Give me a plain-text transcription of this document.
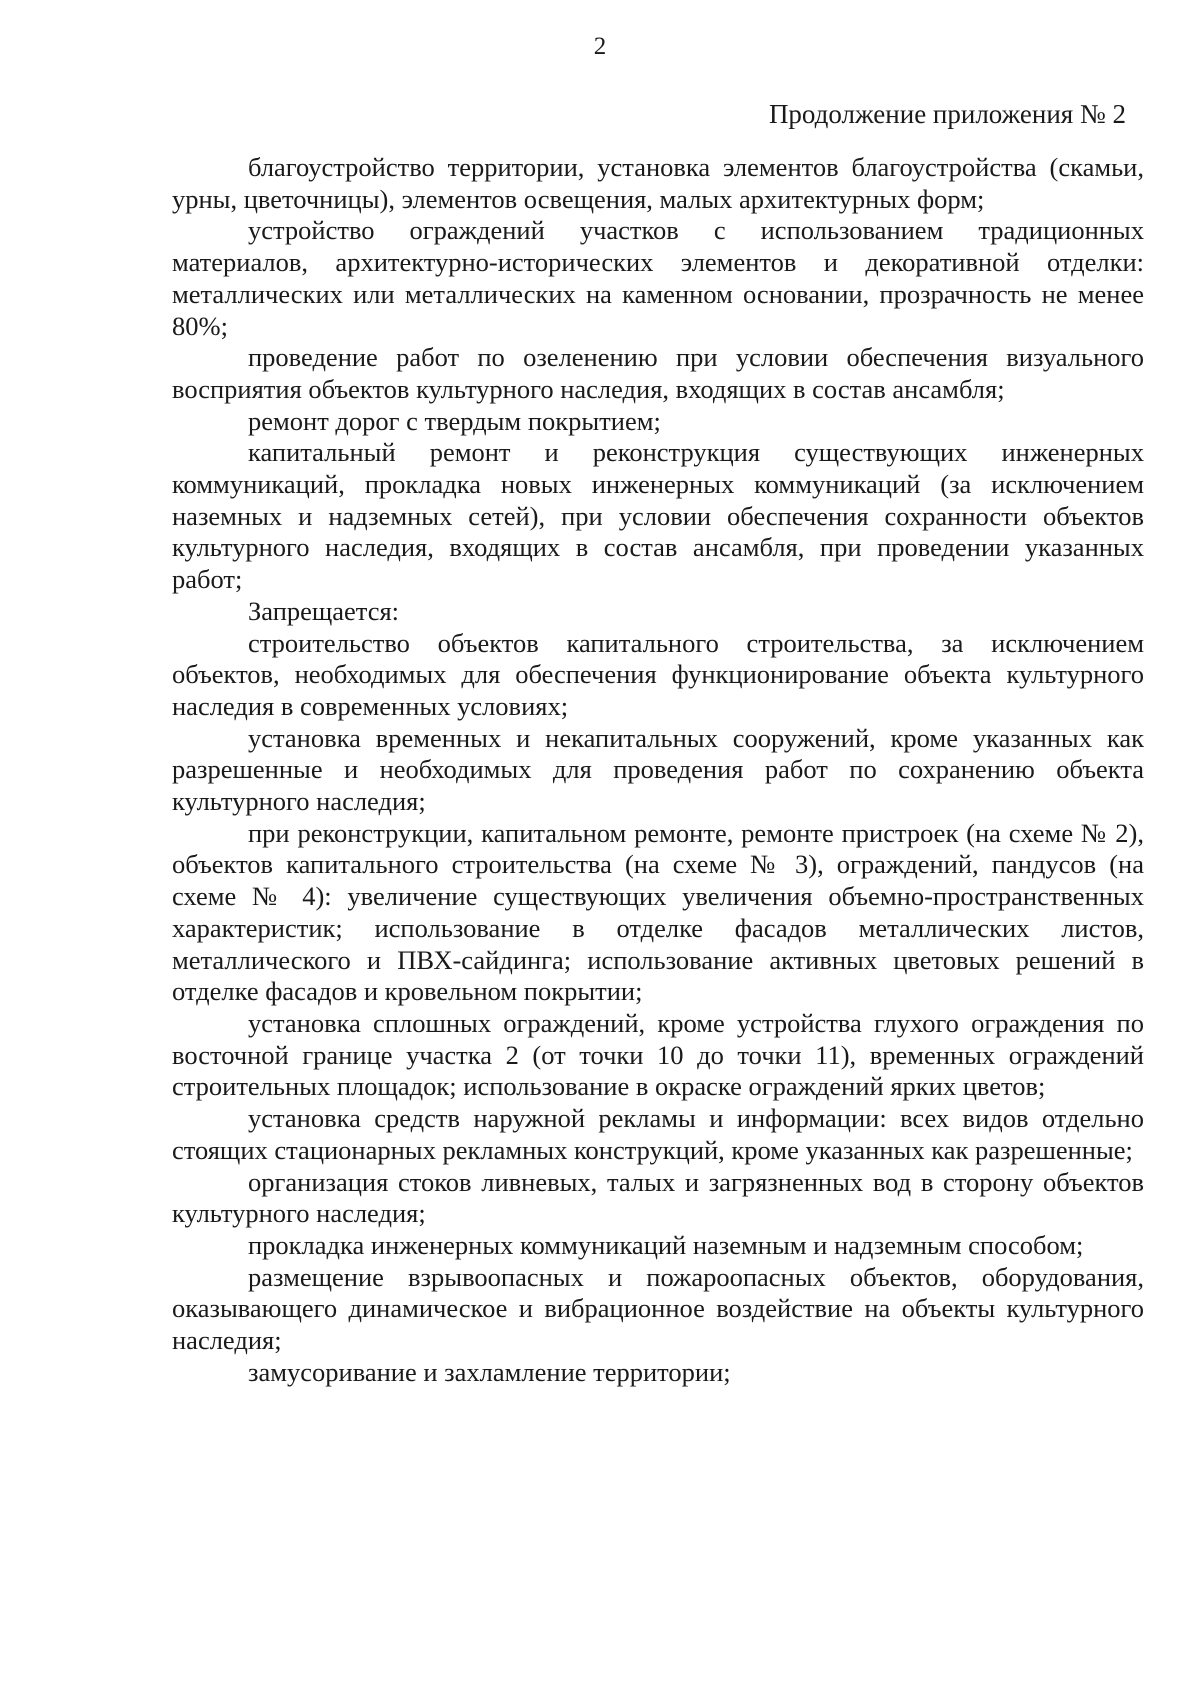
2
Продолжение приложения № 2

благоустройство территории, установка элементов благоустройства (скамьи, урны, цветочницы), элементов освещения, малых архитектурных форм;

устройство ограждений участков с использованием традиционных материалов, архитектурно-исторических элементов и декоративной отделки: металлических или металлических на каменном основании, прозрачность не менее 80%;

проведение работ по озеленению при условии обеспечения визуального восприятия объектов культурного наследия, входящих в состав ансамбля;

ремонт дорог с твердым покрытием;

капитальный ремонт и реконструкция существующих инженерных коммуникаций, прокладка новых инженерных коммуникаций (за исключением наземных и надземных сетей), при условии обеспечения сохранности объектов культурного наследия, входящих в состав ансамбля, при проведении указанных работ;

Запрещается:

строительство объектов капитального строительства, за исключением объектов, необходимых для обеспечения функционирование объекта культурного наследия в современных условиях;

установка временных и некапитальных сооружений, кроме указанных как разрешенные и необходимых для проведения работ по сохранению объекта культурного наследия;

при реконструкции, капитальном ремонте, ремонте пристроек (на схеме № 2), объектов капитального строительства (на схеме № 3), ограждений, пандусов (на схеме № 4): увеличение существующих увеличения объемно-пространственных характеристик; использование в отделке фасадов металлических листов, металлического и ПВХ-сайдинга; использование активных цветовых решений в отделке фасадов и кровельном покрытии;

установка сплошных ограждений, кроме устройства глухого ограждения по восточной границе участка 2 (от точки 10 до точки 11), временных ограждений строительных площадок; использование в окраске ограждений ярких цветов;

установка средств наружной рекламы и информации: всех видов отдельно стоящих стационарных рекламных конструкций, кроме указанных как разрешенные;

организация стоков ливневых, талых и загрязненных вод в сторону объектов культурного наследия;

прокладка инженерных коммуникаций наземным и надземным способом;

размещение взрывоопасных и пожароопасных объектов, оборудования, оказывающего динамическое и вибрационное воздействие на объекты культурного наследия;

замусоривание и захламление территории;
